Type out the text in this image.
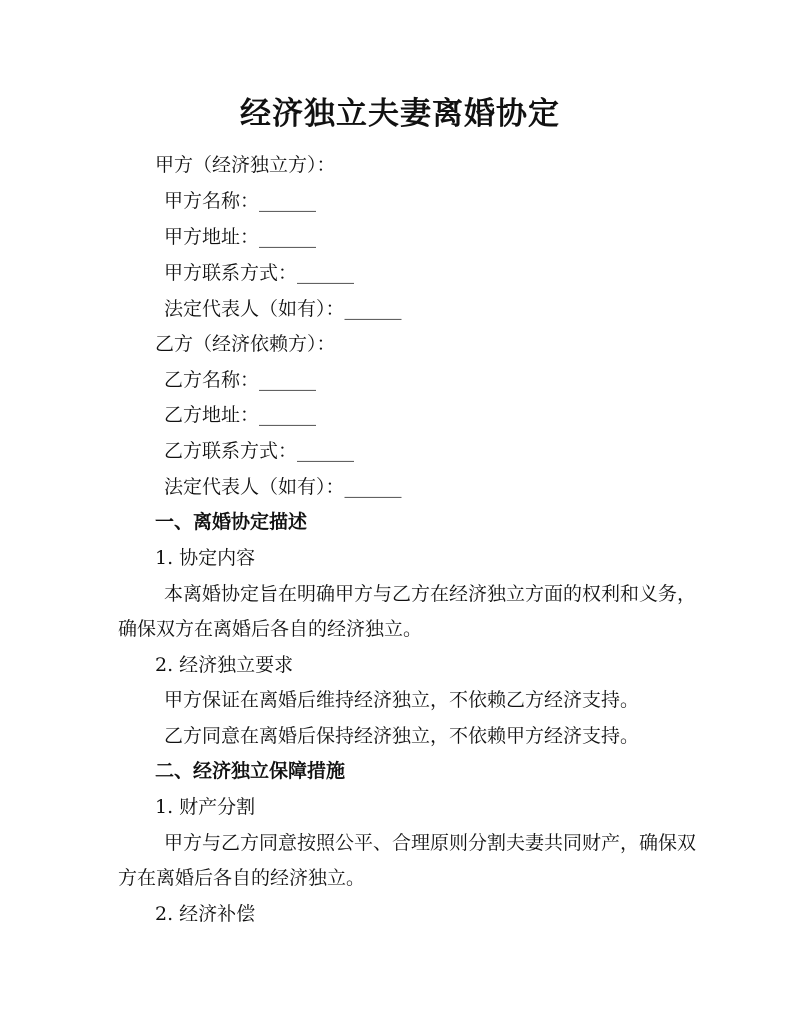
经济独立夫妻离婚协定
甲方（经济独立方）：
甲方名称：______
甲方地址：______
甲方联系方式：______
法定代表人（如有）：______
乙方（经济依赖方）：
乙方名称：______
乙方地址：______
乙方联系方式：______
法定代表人（如有）：______
一、离婚协定描述
1. 协定内容
本离婚协定旨在明确甲方与乙方在经济独立方面的权利和义务，
确保双方在离婚后各自的经济独立。
2. 经济独立要求
甲方保证在离婚后维持经济独立，不依赖乙方经济支持。
乙方同意在离婚后保持经济独立，不依赖甲方经济支持。
二、经济独立保障措施
1. 财产分割
甲方与乙方同意按照公平、合理原则分割夫妻共同财产，确保双
方在离婚后各自的经济独立。
2. 经济补偿
